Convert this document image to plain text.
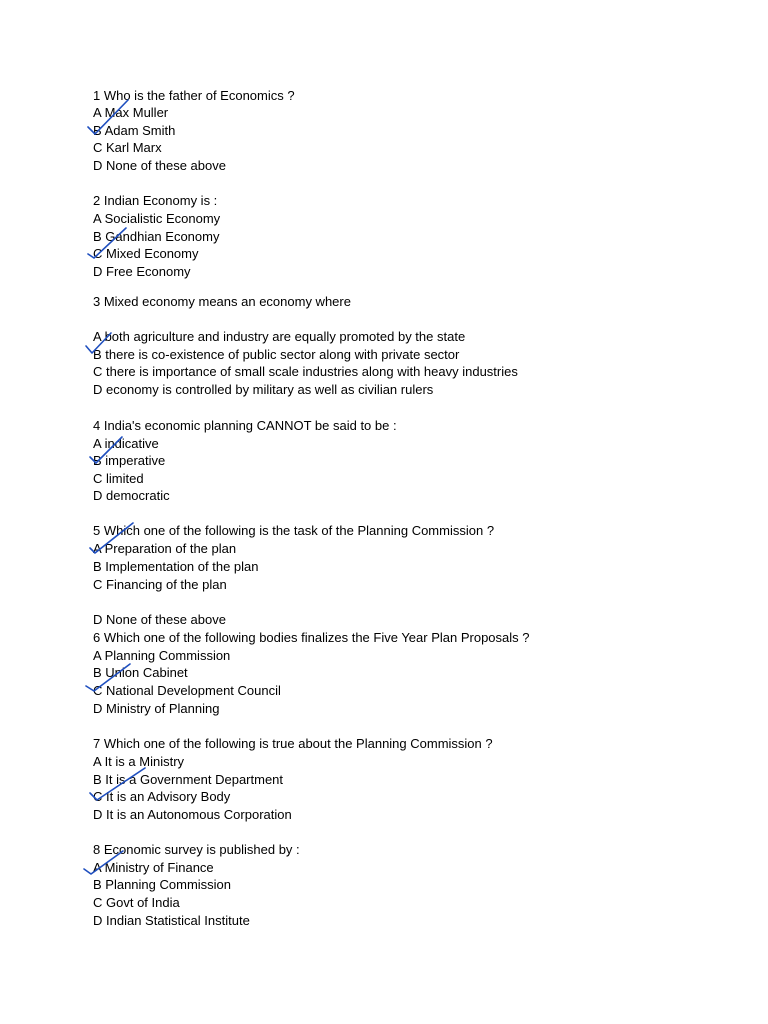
1 Who is the father of Economics ?
A Max Muller
B Adam Smith
C Karl Marx
D None of these above
2 Indian Economy is :
A Socialistic Economy
B Gandhian Economy
C Mixed Economy
D Free Economy
3 Mixed economy means an economy where
A both agriculture and industry are equally promoted by the state
B there is co-existence of public sector along with private sector
C there is importance of small scale industries along with heavy industries
D economy is controlled by military as well as civilian rulers
4 India's economic planning CANNOT be said to be :
A indicative
B imperative
C limited
D democratic
5 Which one of the following is the task of the Planning Commission ?
A Preparation of the plan
B Implementation of the plan
C Financing of the plan
D None of these above
6 Which one of the following bodies finalizes the Five Year Plan Proposals ?
A Planning Commission
B Union Cabinet
C National Development Council
D Ministry of Planning
7 Which one of the following is true about the Planning Commission ?
A It is a Ministry
B It is a Government Department
C It is an Advisory Body
D It is an Autonomous Corporation
8 Economic survey is published by :
A Ministry of Finance
B Planning Commission
C Govt of India
D Indian Statistical Institute
